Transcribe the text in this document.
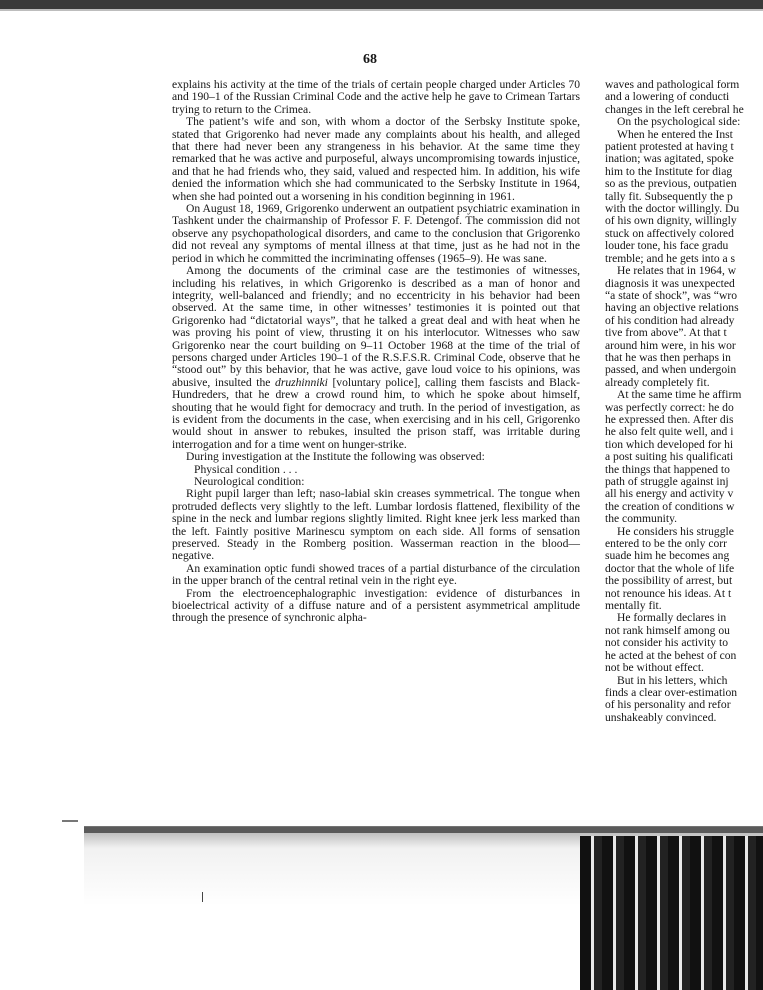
68

explains his activity at the time of the trials of certain people charged under Articles 70 and 190–1 of the Russian Criminal Code and the active help he gave to Crimean Tartars trying to return to the Crimea.

The patient’s wife and son, with whom a doctor of the Serbsky Institute spoke, stated that Grigorenko had never made any complaints about his health, and alleged that there had never been any strangeness in his behavior. At the same time they remarked that he was active and purposeful, always uncompromising towards injustice, and that he had friends who, they said, valued and respected him. In addition, his wife denied the information which she had communicated to the Serbsky Institute in 1964, when she had pointed out a worsening in his condition beginning in 1961.

On August 18, 1969, Grigorenko underwent an outpatient psychiatric examination in Tashkent under the chairmanship of Professor F. F. Detengof. The commission did not observe any psychopathological disorders, and came to the conclusion that Grigorenko did not reveal any symptoms of mental illness at that time, just as he had not in the period in which he committed the incriminating offenses (1965–9). He was sane.

Among the documents of the criminal case are the testimonies of witnesses, including his relatives, in which Grigorenko is described as a man of honor and integrity, well-balanced and friendly; and no eccentricity in his behavior had been observed. At the same time, in other witnesses’ testimonies it is pointed out that Grigorenko had “dictatorial ways”, that he talked a great deal and with heat when he was proving his point of view, thrusting it on his interlocutor. Witnesses who saw Grigorenko near the court building on 9–11 October 1968 at the time of the trial of persons charged under Articles 190–1 of the R.S.F.S.R. Criminal Code, observe that he “stood out” by this behavior, that he was active, gave loud voice to his opinions, was abusive, insulted the druzhinniki [voluntary police], calling them fascists and Black-Hundreders, that he drew a crowd round him, to which he spoke about himself, shouting that he would fight for democracy and truth. In the period of investigation, as is evident from the documents in the case, when exercising and in his cell, Grigorenko would shout in answer to rebukes, insulted the prison staff, was irritable during interrogation and for a time went on hunger-strike.

During investigation at the Institute the following was observed:

Physical condition . . .

Neurological condition:

Right pupil larger than left; naso-labial skin creases symmetrical. The tongue when protruded deflects very slightly to the left. Lumbar lordosis flattened, flexibility of the spine in the neck and lumbar regions slightly limited. Right knee jerk less marked than the left. Faintly positive Marinescu symptom on each side. All forms of sensation preserved. Steady in the Romberg position. Wasserman reaction in the blood—negative.

An examination optic fundi showed traces of a partial disturbance of the circulation in the upper branch of the central retinal vein in the right eye.

From the electroencephalographic investigation: evidence of disturbances in bioelectrical activity of a diffuse nature and of a persistent asymmetrical amplitude through the presence of synchronic alpha-

waves and pathological form
and a lowering of conducti
changes in the left cerebral he
On the psychological side:
When he entered the Inst
patient protested at having t
ination; was agitated, spoke
him to the Institute for diag
so as the previous, outpatien
tally fit. Subsequently the p
with the doctor willingly. Du
of his own dignity, willingly
stuck on affectively colored
louder tone, his face gradu
tremble; and he gets into a s
He relates that in 1964, w
diagnosis it was unexpected
“a state of shock”, was “wro
having an objective relations
of his condition had already
tive from above”. At that t
around him were, in his wor
that he was then perhaps in
passed, and when undergoin
already completely fit.
At the same time he affirm
was perfectly correct: he do
he expressed then. After dis
he also felt quite well, and i
tion which developed for hi
a post suiting his qualificati
the things that happened to
path of struggle against inj
all his energy and activity v
the creation of conditions w
the community.
He considers his struggle
entered to be the only corr
suade him he becomes ang
doctor that the whole of life
the possibility of arrest, but
not renounce his ideas. At t
mentally fit.
He formally declares in
not rank himself among ou
not consider his activity to
he acted at the behest of con
not be without effect.
But in his letters, which
finds a clear over-estimation
of his personality and refor
unshakeably convinced.
